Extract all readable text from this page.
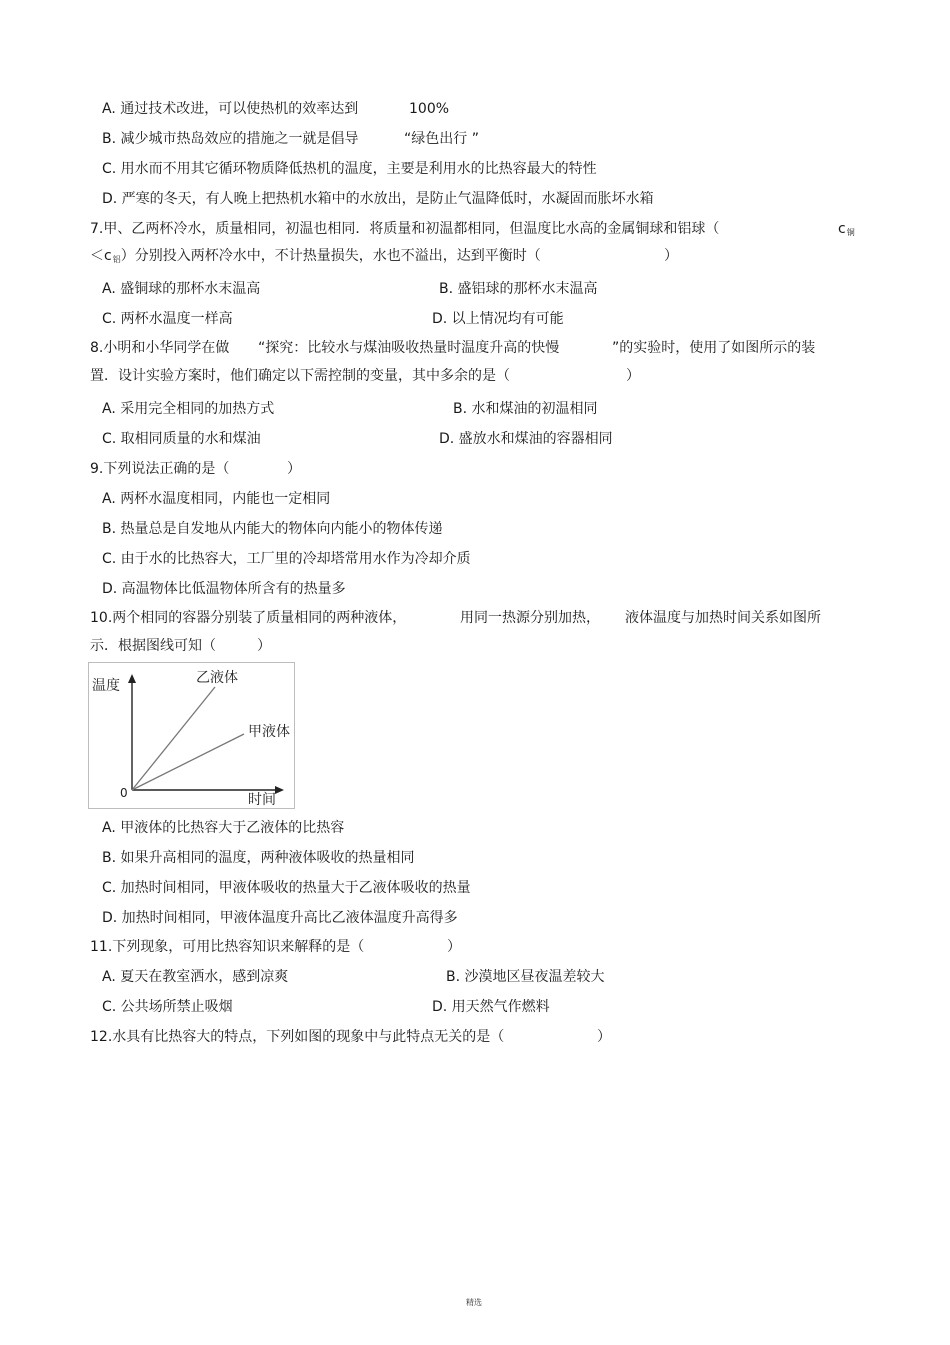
A. 通过技术改进，可以使热机的效率达到	100%
B. 减少城市热岛效应的措施之一就是倡导	“绿色出行 ”
C. 用水而不用其它循环物质降低热机的温度，主要是利用水的比热容最大的特性
D. 严寒的冬天，有人晚上把热机水箱中的水放出，是防止气温降低时，水凝固而胀坏水箱
7.甲、乙两杯冷水，质量相同，初温也相同．将质量和初温都相同，但温度比水高的金属铜球和铝球（	$c_铜$
$<c_铝$）分别投入两杯冷水中，不计热量损失，水也不溢出，达到平衡时（	）
A. 盛铜球的那杯水末温高	B. 盛铝球的那杯水末温高
C. 两杯水温度一样高	D. 以上情况均有可能
8.小明和小华同学在做 “探究：比较水与煤油吸收热量时温度升高的快慢	”的实验时，使用了如图所示的装
置．设计实验方案时，他们确定以下需控制的变量，其中多余的是（	）
A. 采用完全相同的加热方式	B. 水和煤油的初温相同
C. 取相同质量的水和煤油	D. 盛放水和煤油的容器相同
9.下列说法正确的是（	）
A. 两杯水温度相同，内能也一定相同
B. 热量总是自发地从内能大的物体向内能小的物体传递
C. 由于水的比热容大，工厂里的冷却塔常用水作为冷却介质
D. 高温物体比低温物体所含有的热量多
10.两个相同的容器分别装了质量相同的两种液体，	用同一热源分别加热， 液体温度与加热时间关系如图所
示．根据图线可知（	）
温度
时间
0
乙液体
甲液体
A. 甲液体的比热容大于乙液体的比热容
B. 如果升高相同的温度，两种液体吸收的热量相同
C. 加热时间相同，甲液体吸收的热量大于乙液体吸收的热量
D. 加热时间相同，甲液体温度升高比乙液体温度升高得多
11.下列现象，可用比热容知识来解释的是（	）
A. 夏天在教室洒水，感到凉爽	B. 沙漠地区昼夜温差较大
C. 公共场所禁止吸烟	D. 用天然气作燃料
12.水具有比热容大的特点，下列如图的现象中与此特点无关的是（	）
精选
